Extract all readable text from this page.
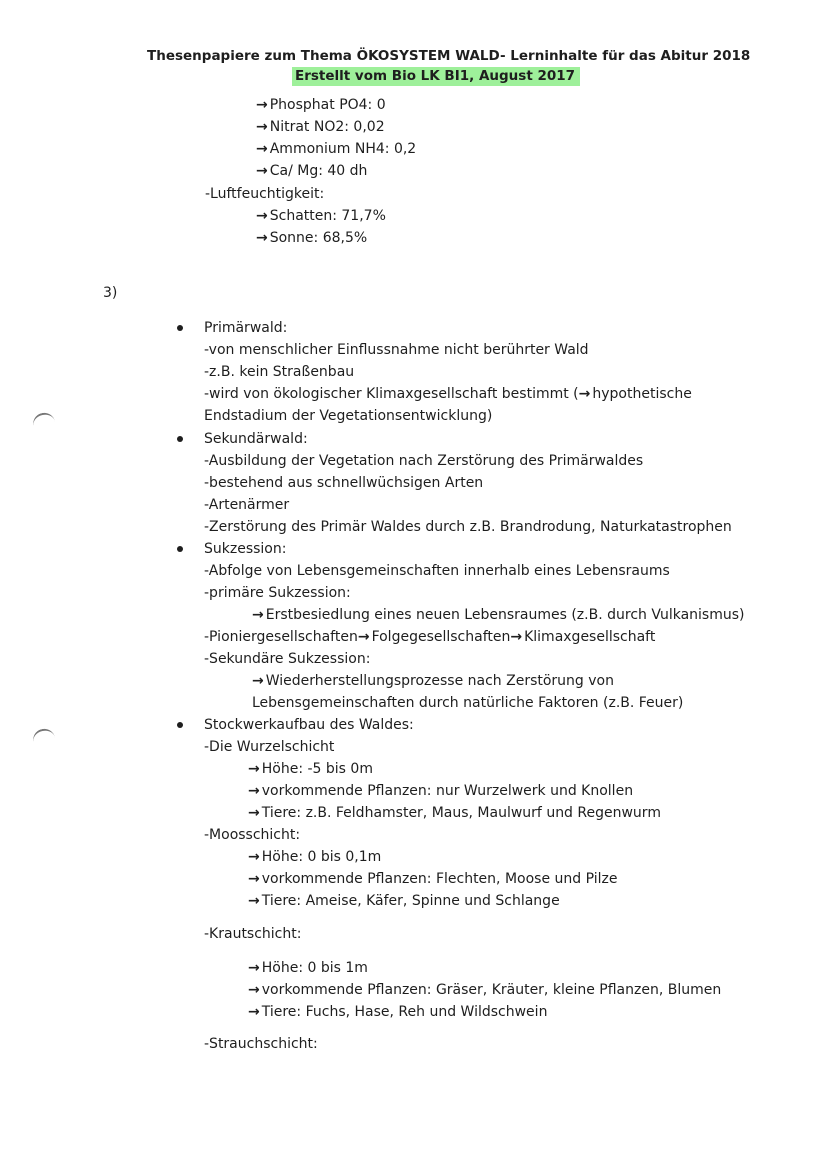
Thesenpapiere zum Thema ÖKOSYSTEM WALD- Lerninhalte für das Abitur 2018
Erstellt vom Bio LK BI1, August 2017
→ Phosphat PO4: 0
→ Nitrat NO2: 0,02
→ Ammonium NH4: 0,2
→ Ca/ Mg: 40 dh
-Luftfeuchtigkeit:
→ Schatten: 71,7%
→ Sonne: 68,5%
3)
Primärwald:
-von menschlicher Einflussnahme nicht berührter Wald
-z.B. kein Straßenbau
-wird von ökologischer Klimaxgesellschaft bestimmt ( → hypothetische
Endstadium der Vegetationsentwicklung)
Sekundärwald:
-Ausbildung der Vegetation nach Zerstörung des Primärwaldes
-bestehend aus schnellwüchsigen Arten
-Artenärmer
-Zerstörung des Primär Waldes durch z.B. Brandrodung, Naturkatastrophen
Sukzession:
-Abfolge von Lebensgemeinschaften innerhalb eines Lebensraums
-primäre Sukzession:
→ Erstbesiedlung eines neuen Lebensraumes (z.B. durch Vulkanismus)
-Pioniergesellschaften → Folgegesellschaften → Klimaxgesellschaft
-Sekundäre Sukzession:
→ Wiederherstellungsprozesse nach Zerstörung von
Lebensgemeinschaften durch natürliche Faktoren (z.B. Feuer)
Stockwerkaufbau des Waldes:
-Die Wurzelschicht
→ Höhe: -5 bis 0m
→ vorkommende Pflanzen: nur Wurzelwerk und Knollen
→ Tiere: z.B. Feldhamster, Maus, Maulwurf und Regenwurm
-Moosschicht:
→ Höhe: 0 bis 0,1m
→ vorkommende Pflanzen: Flechten, Moose und Pilze
→ Tiere: Ameise, Käfer, Spinne und Schlange
-Krautschicht:
→ Höhe: 0 bis 1m
→ vorkommende Pflanzen: Gräser, Kräuter, kleine Pflanzen, Blumen
→ Tiere: Fuchs, Hase, Reh und Wildschwein
-Strauchschicht:
